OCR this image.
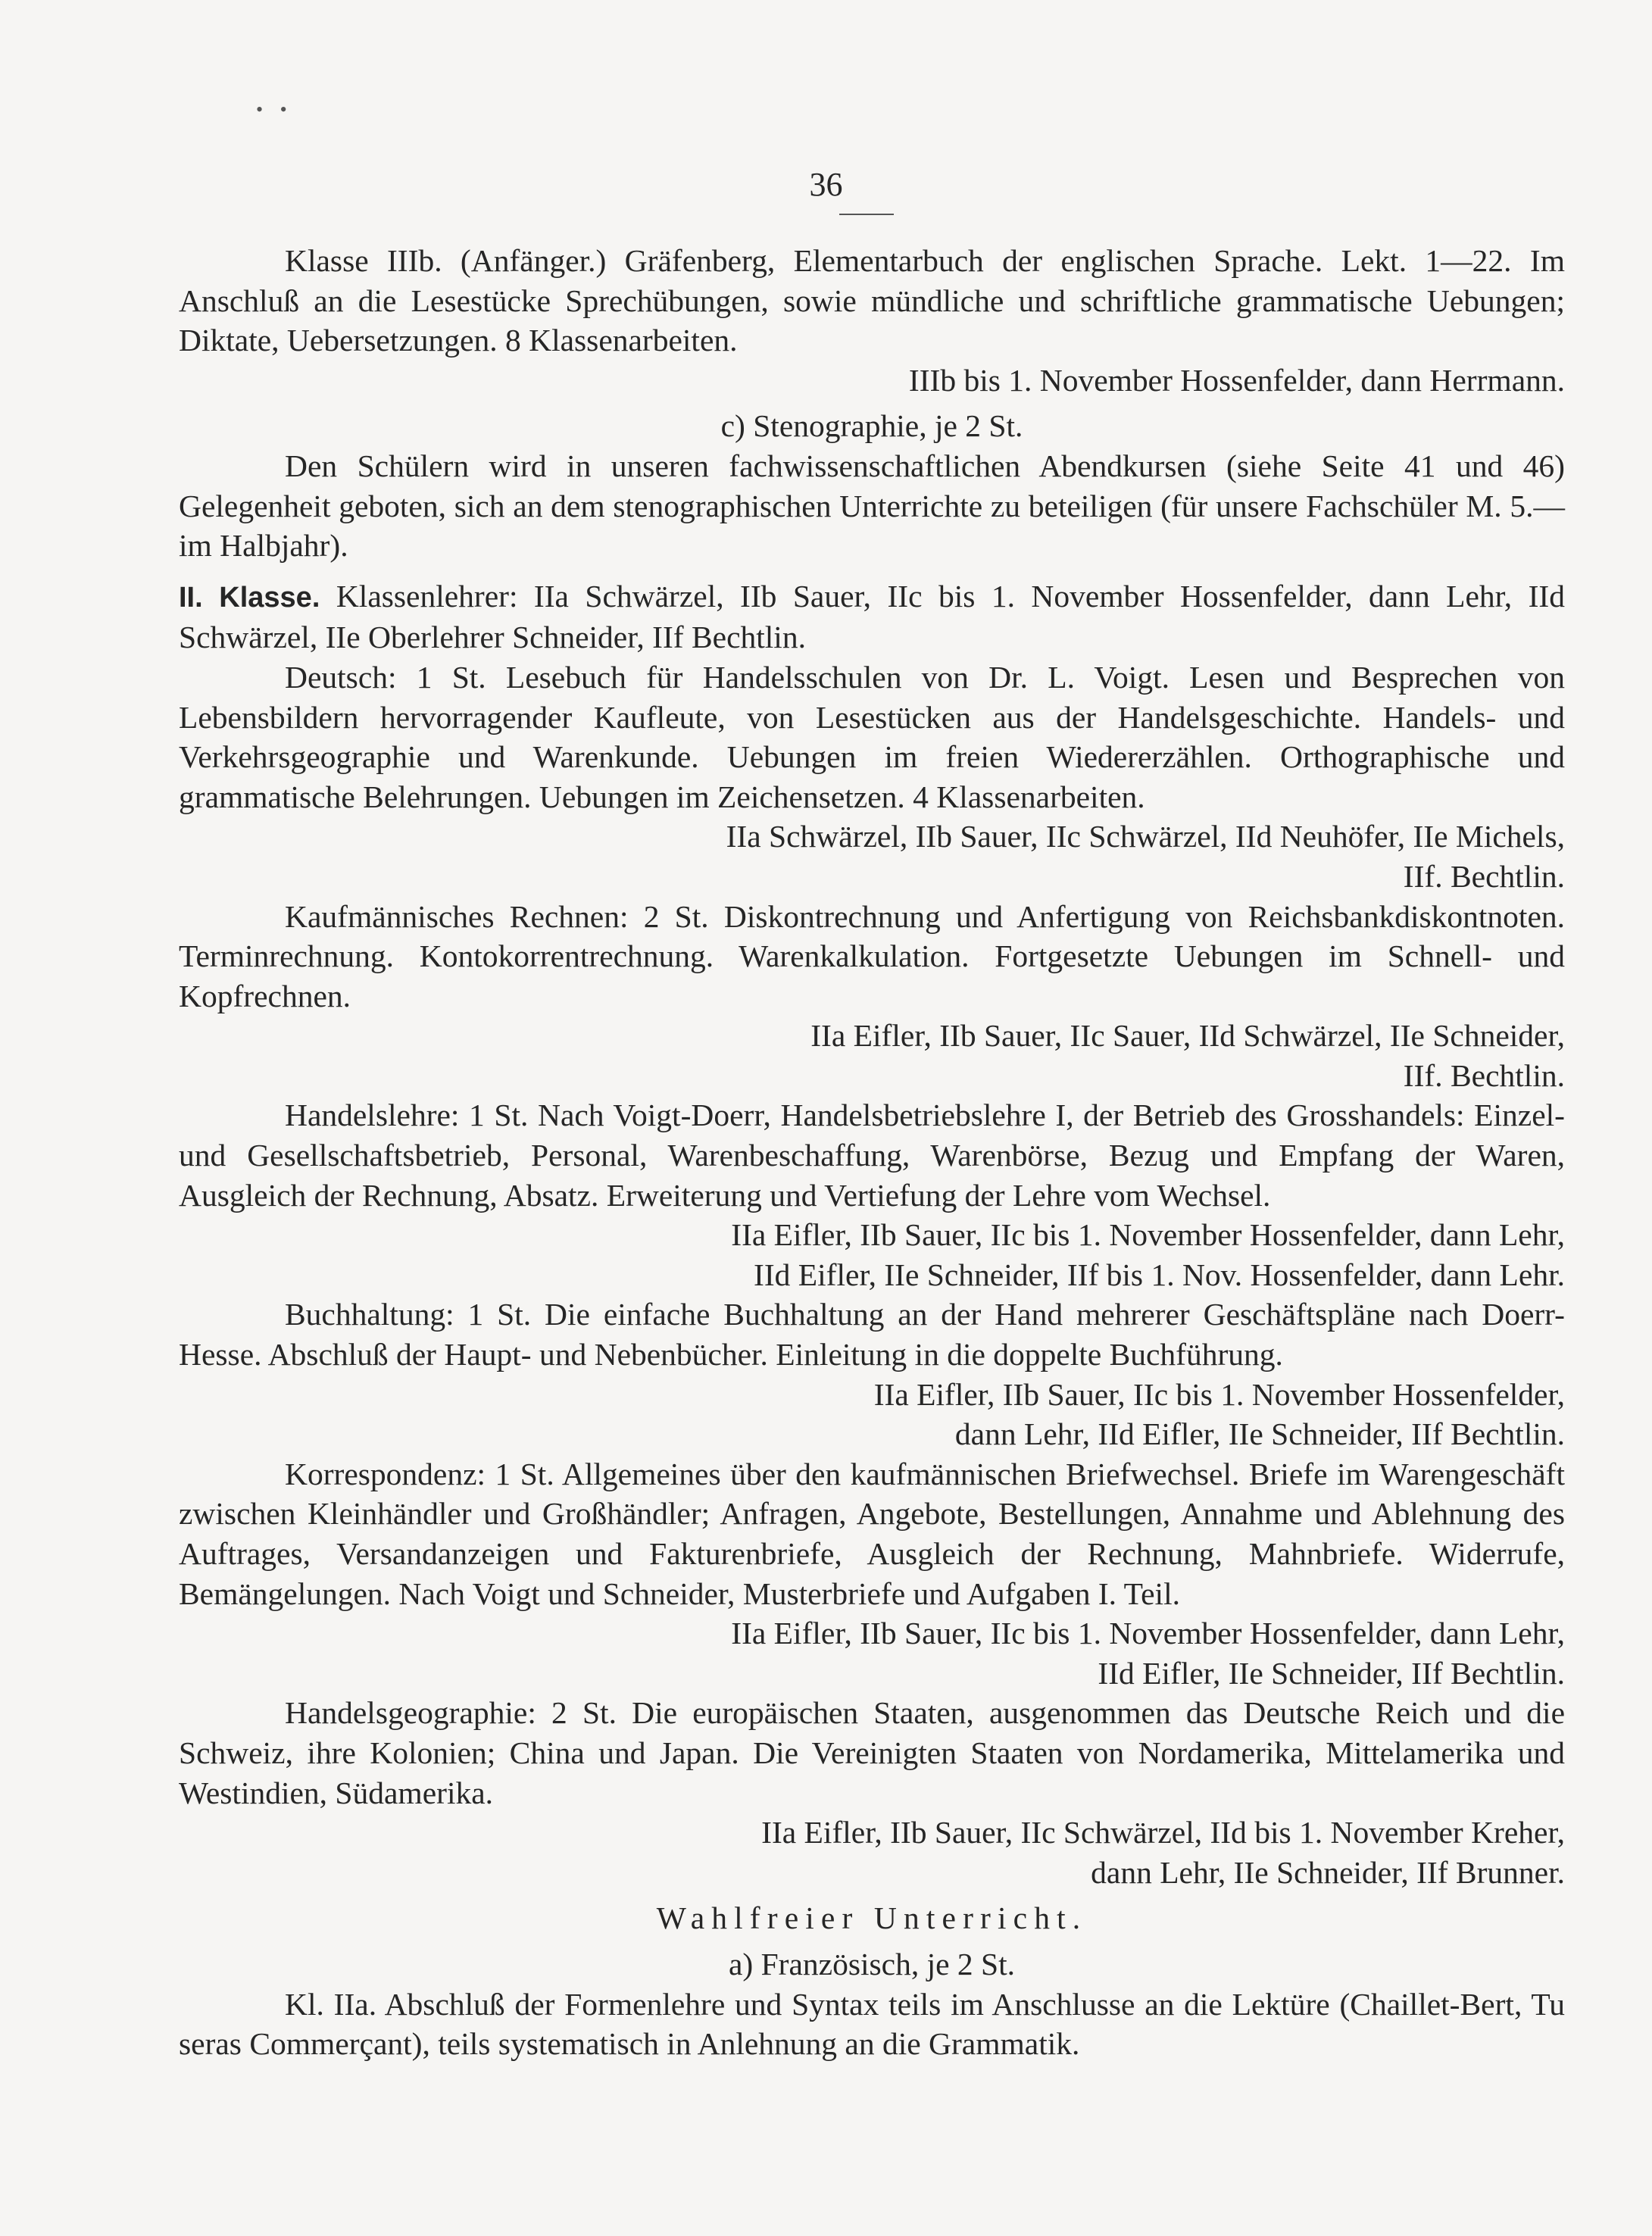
• •
36
Klasse IIIb. (Anfänger.) Gräfenberg, Elementarbuch der englischen Sprache. Lekt. 1—22. Im Anschluß an die Lesestücke Sprechübungen, sowie mündliche und schriftliche grammatische Uebungen; Diktate, Uebersetzungen. 8 Klassenarbeiten.
IIIb bis 1. November Hossenfelder, dann Herrmann.
c) Stenographie, je 2 St.
Den Schülern wird in unseren fachwissenschaftlichen Abendkursen (siehe Seite 41 und 46) Gelegenheit geboten, sich an dem stenographischen Unterrichte zu beteiligen (für unsere Fachschüler M. 5.— im Halbjahr).
II. Klasse. Klassenlehrer: IIa Schwärzel, IIb Sauer, IIc bis 1. November Hossenfelder, dann Lehr, IId Schwärzel, IIe Oberlehrer Schneider, IIf Bechtlin.
Deutsch: 1 St. Lesebuch für Handelsschulen von Dr. L. Voigt. Lesen und Besprechen von Lebensbildern hervorragender Kaufleute, von Lesestücken aus der Handelsgeschichte. Handels- und Verkehrsgeographie und Warenkunde. Uebungen im freien Wiedererzählen. Orthographische und grammatische Belehrungen. Uebungen im Zeichensetzen. 4 Klassenarbeiten.
IIa Schwärzel, IIb Sauer, IIc Schwärzel, IId Neuhöfer, IIe Michels,
IIf. Bechtlin.
Kaufmännisches Rechnen: 2 St. Diskontrechnung und Anfertigung von Reichsbankdiskontnoten. Terminrechnung. Kontokorrentrechnung. Warenkalkulation. Fortgesetzte Uebungen im Schnell- und Kopfrechnen.
IIa Eifler, IIb Sauer, IIc Sauer, IId Schwärzel, IIe Schneider,
IIf. Bechtlin.
Handelslehre: 1 St. Nach Voigt-Doerr, Handelsbetriebslehre I, der Betrieb des Grosshandels: Einzel- und Gesellschaftsbetrieb, Personal, Warenbeschaffung, Warenbörse, Bezug und Empfang der Waren, Ausgleich der Rechnung, Absatz. Erweiterung und Vertiefung der Lehre vom Wechsel.
IIa Eifler, IIb Sauer, IIc bis 1. November Hossenfelder, dann Lehr,
IId Eifler, IIe Schneider, IIf bis 1. Nov. Hossenfelder, dann Lehr.
Buchhaltung: 1 St. Die einfache Buchhaltung an der Hand mehrerer Geschäftspläne nach Doerr-Hesse. Abschluß der Haupt- und Nebenbücher. Einleitung in die doppelte Buchführung.
IIa Eifler, IIb Sauer, IIc bis 1. November Hossenfelder,
dann Lehr, IId Eifler, IIe Schneider, IIf Bechtlin.
Korrespondenz: 1 St. Allgemeines über den kaufmännischen Briefwechsel. Briefe im Warengeschäft zwischen Kleinhändler und Großhändler; Anfragen, Angebote, Bestellungen, Annahme und Ablehnung des Auftrages, Versandanzeigen und Fakturenbriefe, Ausgleich der Rechnung, Mahnbriefe. Widerrufe, Bemängelungen. Nach Voigt und Schneider, Musterbriefe und Aufgaben I. Teil.
IIa Eifler, IIb Sauer, IIc bis 1. November Hossenfelder, dann Lehr,
IId Eifler, IIe Schneider, IIf Bechtlin.
Handelsgeographie: 2 St. Die europäischen Staaten, ausgenommen das Deutsche Reich und die Schweiz, ihre Kolonien; China und Japan. Die Vereinigten Staaten von Nordamerika, Mittelamerika und Westindien, Südamerika.
IIa Eifler, IIb Sauer, IIc Schwärzel, IId bis 1. November Kreher,
dann Lehr, IIe Schneider, IIf Brunner.
Wahlfreier Unterricht.
a) Französisch, je 2 St.
Kl. IIa. Abschluß der Formenlehre und Syntax teils im Anschlusse an die Lektüre (Chaillet-Bert, Tu seras Commerçant), teils systematisch in Anlehnung an die Grammatik.
